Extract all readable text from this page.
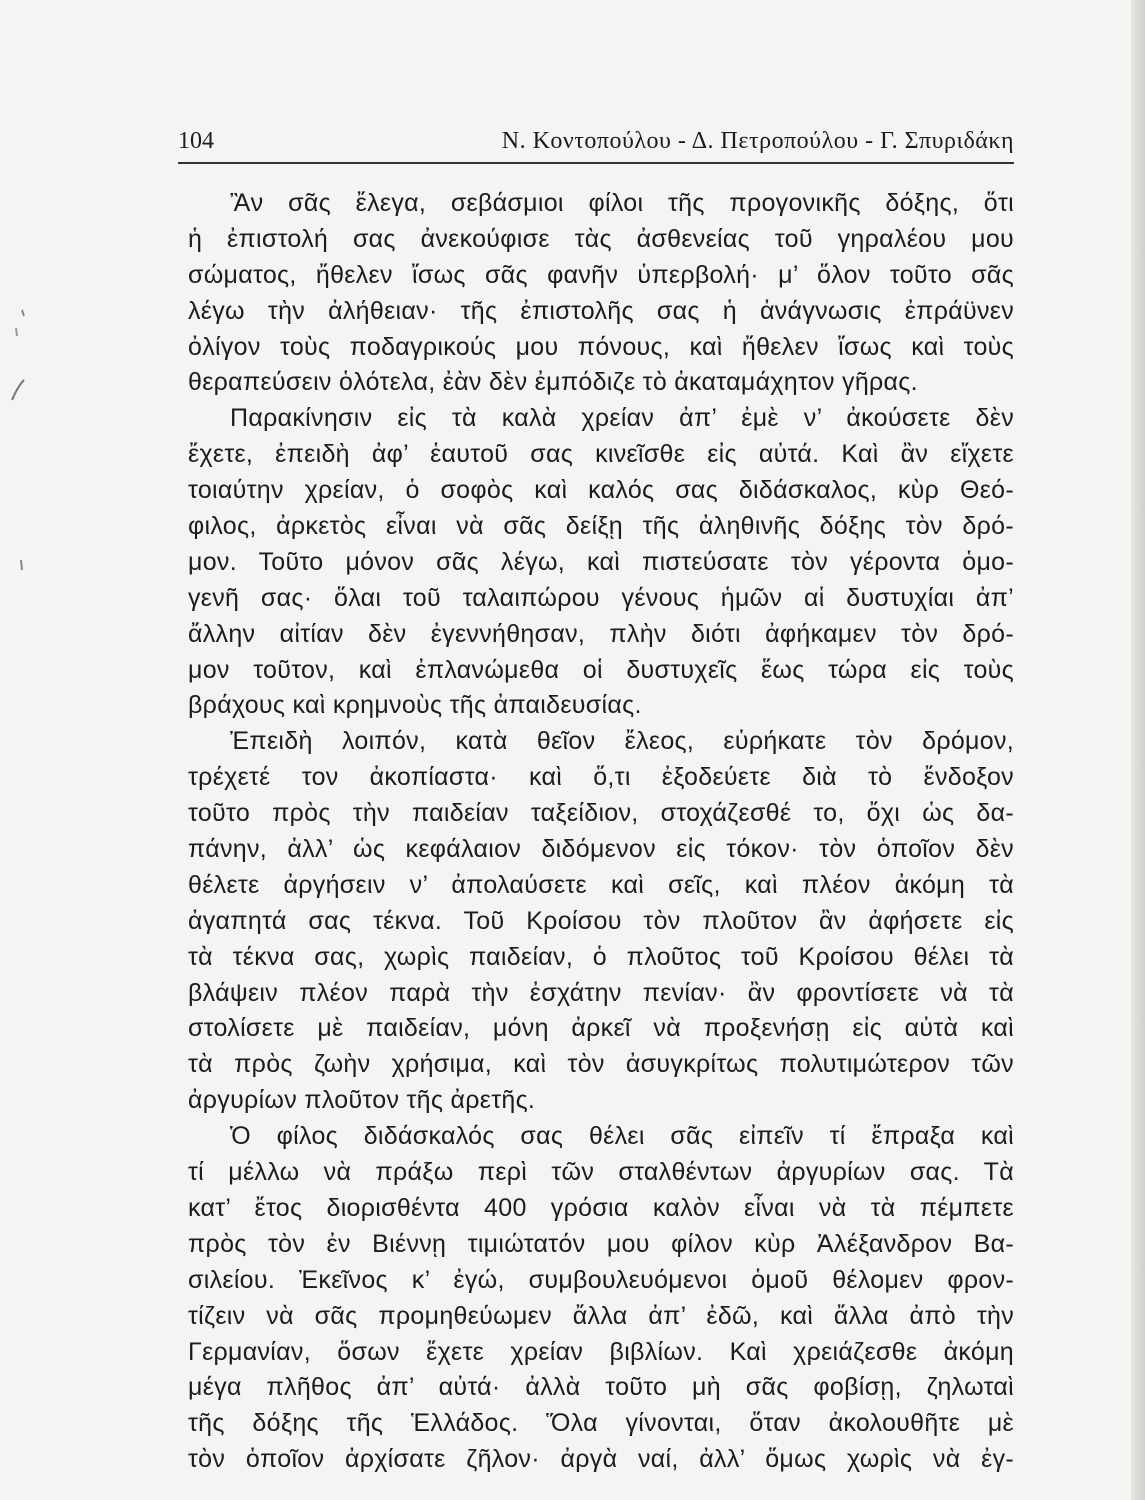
104	Ν. Κοντοπούλου - Δ. Πετροπούλου - Γ. Σπυριδάκη
Ἂν σᾶς ἔλεγα, σεβάσμιοι φίλοι τῆς προγονικῆς δόξης, ὅτι
ἡ ἐπιστολή σας ἀνεκούφισε τὰς ἀσθενείας τοῦ γηραλέου μου
σώματος, ἤθελεν ἴσως σᾶς φανῆν ὑπερβολή· μ’ ὅλον τοῦτο σᾶς
λέγω τὴν ἀλήθειαν· τῆς ἐπιστολῆς σας ἡ ἀνάγνωσις ἐπράϋνεν
ὀλίγον τοὺς ποδαγρικούς μου πόνους, καὶ ἤθελεν ἴσως καὶ τοὺς
θεραπεύσειν ὁλότελα, ἐὰν δὲν ἐμπόδιζε τὸ ἀκαταμάχητον γῆρας.
Παρακίνησιν εἰς τὰ καλὰ χρείαν ἀπ’ ἐμὲ ν’ ἀκούσετε δὲν
ἔχετε, ἐπειδὴ ἀφ’ ἑαυτοῦ σας κινεῖσθε εἰς αὐτά. Καὶ ἂν εἴχετε
τοιαύτην χρείαν, ὁ σοφὸς καὶ καλός σας διδάσκαλος, κὺρ Θεό-
φιλος, ἀρκετὸς εἶναι νὰ σᾶς δείξῃ τῆς ἀληθινῆς δόξης τὸν δρό-
μον. Τοῦτο μόνον σᾶς λέγω, καὶ πιστεύσατε τὸν γέροντα ὁμο-
γενῆ σας· ὅλαι τοῦ ταλαιπώρου γένους ἡμῶν αἱ δυστυχίαι ἀπ’
ἄλλην αἰτίαν δὲν ἐγεννήθησαν, πλὴν διότι ἀφήκαμεν τὸν δρό-
μον τοῦτον, καὶ ἐπλανώμεθα οἱ δυστυχεῖς ἕως τώρα εἰς τοὺς
βράχους καὶ κρημνοὺς τῆς ἀπαιδευσίας.
Ἐπειδὴ λοιπόν, κατὰ θεῖον ἔλεος, εὑρήκατε τὸν δρόμον,
τρέχετέ τον ἀκοπίαστα· καὶ ὅ,τι ἐξοδεύετε διὰ τὸ ἔνδοξον
τοῦτο πρὸς τὴν παιδείαν ταξείδιον, στοχάζεσθέ το, ὄχι ὡς δα-
πάνην, ἀλλ’ ὡς κεφάλαιον διδόμενον εἰς τόκον· τὸν ὁποῖον δὲν
θέλετε ἀργήσειν ν’ ἀπολαύσετε καὶ σεῖς, καὶ πλέον ἀκόμη τὰ
ἀγαπητά σας τέκνα. Τοῦ Κροίσου τὸν πλοῦτον ἂν ἀφήσετε εἰς
τὰ τέκνα σας, χωρὶς παιδείαν, ὁ πλοῦτος τοῦ Κροίσου θέλει τὰ
βλάψειν πλέον παρὰ τὴν ἐσχάτην πενίαν· ἂν φροντίσετε νὰ τὰ
στολίσετε μὲ παιδείαν, μόνη ἀρκεῖ νὰ προξενήσῃ εἰς αὐτὰ καὶ
τὰ πρὸς ζωὴν χρήσιμα, καὶ τὸν ἀσυγκρίτως πολυτιμώτερον τῶν
ἀργυρίων πλοῦτον τῆς ἀρετῆς.
Ὁ φίλος διδάσκαλός σας θέλει σᾶς εἰπεῖν τί ἔπραξα καὶ
τί μέλλω νὰ πράξω περὶ τῶν σταλθέντων ἀργυρίων σας. Τὰ
κατ’ ἔτος διορισθέντα 400 γρόσια καλὸν εἶναι νὰ τὰ πέμπετε
πρὸς τὸν ἐν Βιέννῃ τιμιώτατόν μου φίλον κὺρ Ἀλέξανδρον Βα-
σιλείου. Ἐκεῖνος κ’ ἐγώ, συμβουλευόμενοι ὁμοῦ θέλομεν φρον-
τίζειν νὰ σᾶς προμηθεύωμεν ἄλλα ἀπ’ ἐδῶ, καὶ ἄλλα ἀπὸ τὴν
Γερμανίαν, ὅσων ἔχετε χρείαν βιβλίων. Καὶ χρειάζεσθε ἀκόμη
μέγα πλῆθος ἀπ’ αὐτά· ἀλλὰ τοῦτο μὴ σᾶς φοβίσῃ, ζηλωταὶ
τῆς δόξης τῆς Ἑλλάδος. Ὅλα γίνονται, ὅταν ἀκολουθῆτε μὲ
τὸν ὁποῖον ἀρχίσατε ζῆλον· ἀργὰ ναί, ἀλλ’ ὅμως χωρὶς νὰ ἐγ-
